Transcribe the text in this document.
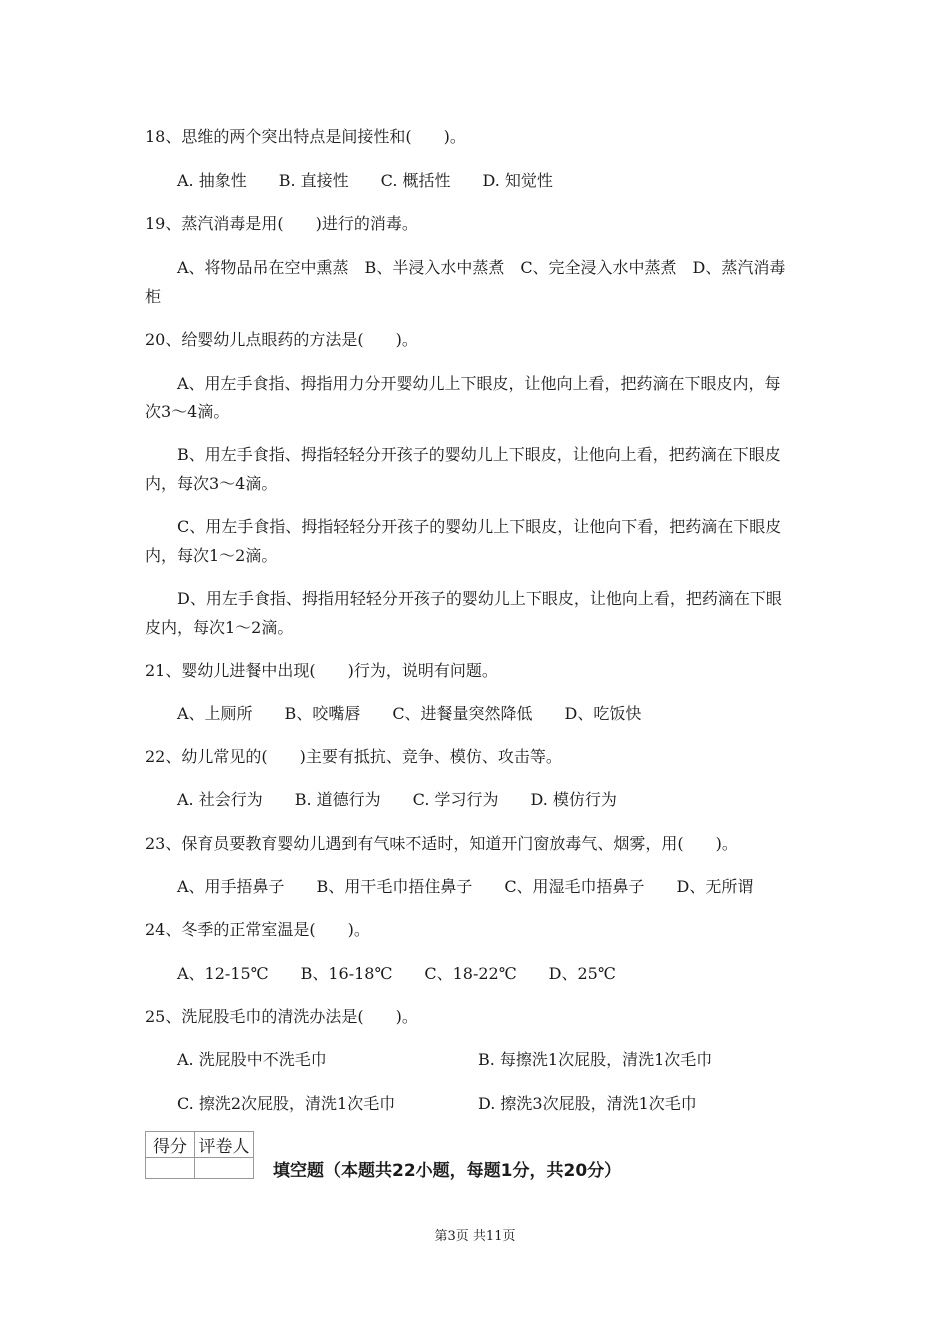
18、思维的两个突出特点是间接性和(　　)。
A. 抽象性　　B. 直接性　　C. 概括性　　D. 知觉性
19、蒸汽消毒是用(　　)进行的消毒。
A、将物品吊在空中熏蒸　B、半浸入水中蒸煮　C、完全浸入水中蒸煮　D、蒸汽消毒
柜
20、给婴幼儿点眼药的方法是(　　)。
A、用左手食指、拇指用力分开婴幼儿上下眼皮，让他向上看，把药滴在下眼皮内，每
次3～4滴。
B、用左手食指、拇指轻轻分开孩子的婴幼儿上下眼皮，让他向上看，把药滴在下眼皮
内，每次3～4滴。
C、用左手食指、拇指轻轻分开孩子的婴幼儿上下眼皮，让他向下看，把药滴在下眼皮
内，每次1～2滴。
D、用左手食指、拇指用轻轻分开孩子的婴幼儿上下眼皮，让他向上看，把药滴在下眼
皮内，每次1～2滴。
21、婴幼儿进餐中出现(　　)行为，说明有问题。
A、上厕所　　B、咬嘴唇　　C、进餐量突然降低　　D、吃饭快
22、幼儿常见的(　　)主要有抵抗、竞争、模仿、攻击等。
A. 社会行为　　B. 道德行为　　C. 学习行为　　D. 模仿行为
23、保育员要教育婴幼儿遇到有气味不适时，知道开门窗放毒气、烟雾，用(　　)。
A、用手捂鼻子　　B、用干毛巾捂住鼻子　　C、用湿毛巾捂鼻子　　D、无所谓
24、冬季的正常室温是(　　)。
A、12-15℃　　B、16-18℃　　C、18-22℃　　D、25℃
25、洗屁股毛巾的清洗办法是(　　)。
A. 洗屁股中不洗毛巾	B. 每擦洗1次屁股，清洗1次毛巾
C. 擦洗2次屁股，清洗1次毛巾	D. 擦洗3次屁股，清洗1次毛巾
得分	评卷人

填空题（本题共22小题，每题1分，共20分）
第3页 共11页
